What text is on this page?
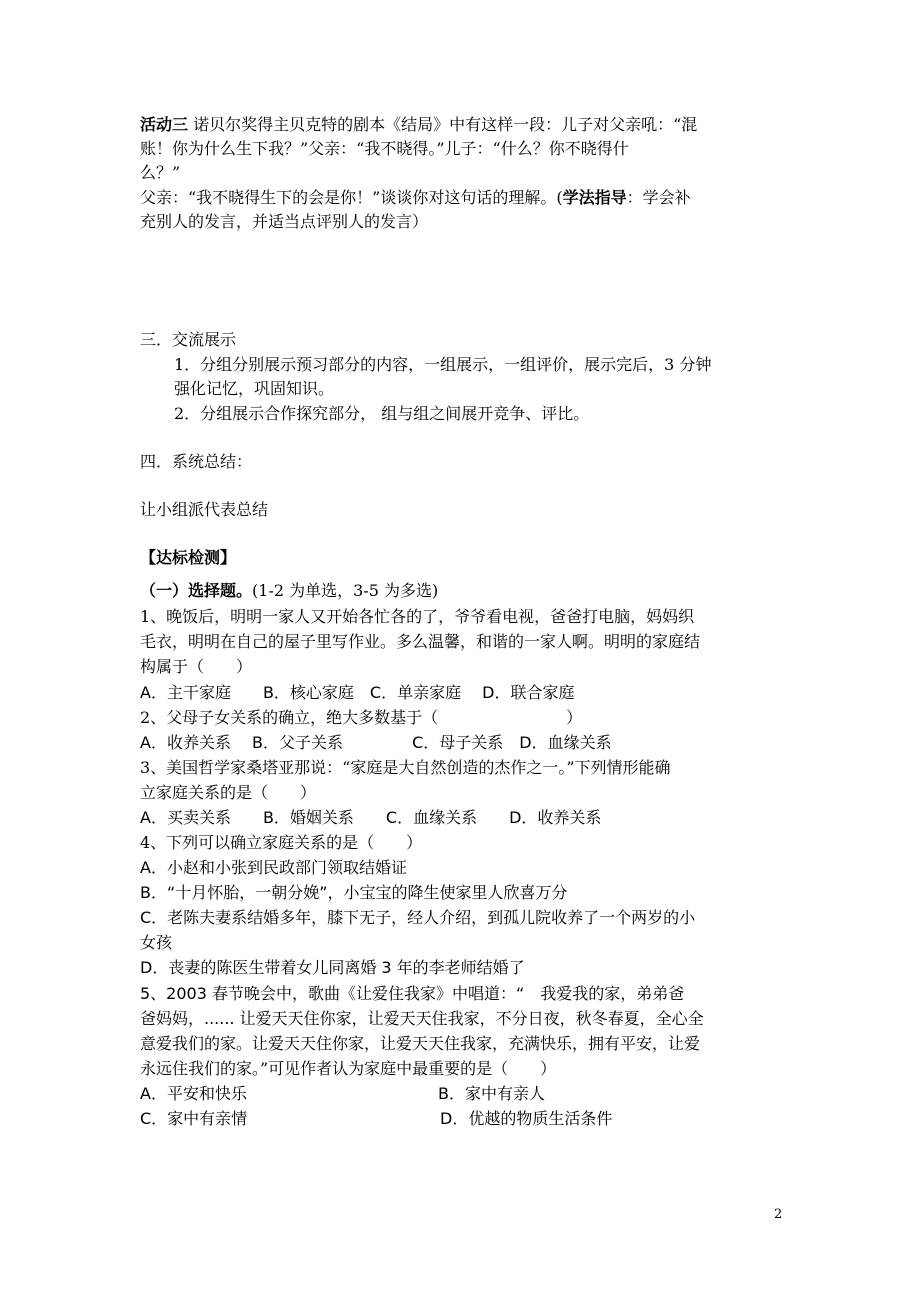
活动三 诺贝尔奖得主贝克特的剧本《结局》中有这样一段：儿子对父亲吼：“混
账！你为什么生下我？”父亲：“我不晓得。”儿子：“什么？你不晓得什
么？”
父亲：“我不晓得生下的会是你！”谈谈你对这句话的理解。(学法指导：学会补
充别人的发言，并适当点评别人的发言）
三．交流展示
1．分组分别展示预习部分的内容，一组展示，一组评价，展示完后，3 分钟
强化记忆，巩固知识。
2．分组展示合作探究部分， 组与组之间展开竞争、评比。
四．系统总结：
让小组派代表总结
【达标检测】
（一）选择题。(1-2 为单选，3-5 为多选)
1、晚饭后，明明一家人又开始各忙各的了，爷爷看电视，爸爸打电脑，妈妈织
毛衣，明明在自己的屋子里写作业。多么温馨，和谐的一家人啊。明明的家庭结
构属于（　　）
A．主干家庭　　B．核心家庭　C．单亲家庭　 D．联合家庭
2、父母子女关系的确立，绝大多数基于（　　　　　　　　）
A．收养关系　 B．父子关系　　　　 C．母子关系　D．血缘关系
3、美国哲学家桑塔亚那说：“家庭是大自然创造的杰作之一。”下列情形能确
立家庭关系的是（　　）
A．买卖关系　　B．婚姻关系　　C．血缘关系　　D．收养关系
4、下列可以确立家庭关系的是（　　）
A．小赵和小张到民政部门领取结婚证
B．“十月怀胎，一朝分娩”，小宝宝的降生使家里人欣喜万分
C．老陈夫妻系结婚多年，膝下无子，经人介绍，到孤儿院收养了一个两岁的小
女孩
D．丧妻的陈医生带着女儿同离婚 3 年的李老师结婚了
5、2003 春节晚会中，歌曲《让爱住我家》中唱道：“　我爱我的家，弟弟爸
爸妈妈，...... 让爱天天住你家，让爱天天住我家，不分日夜，秋冬春夏，全心全
意爱我们的家。让爱天天住你家，让爱天天住我家，充满快乐，拥有平安，让爱
永远住我们的家。”可见作者认为家庭中最重要的是（　　）
A．平安和快乐	B．家中有亲人
C．家中有亲情	D．优越的物质生活条件
2
